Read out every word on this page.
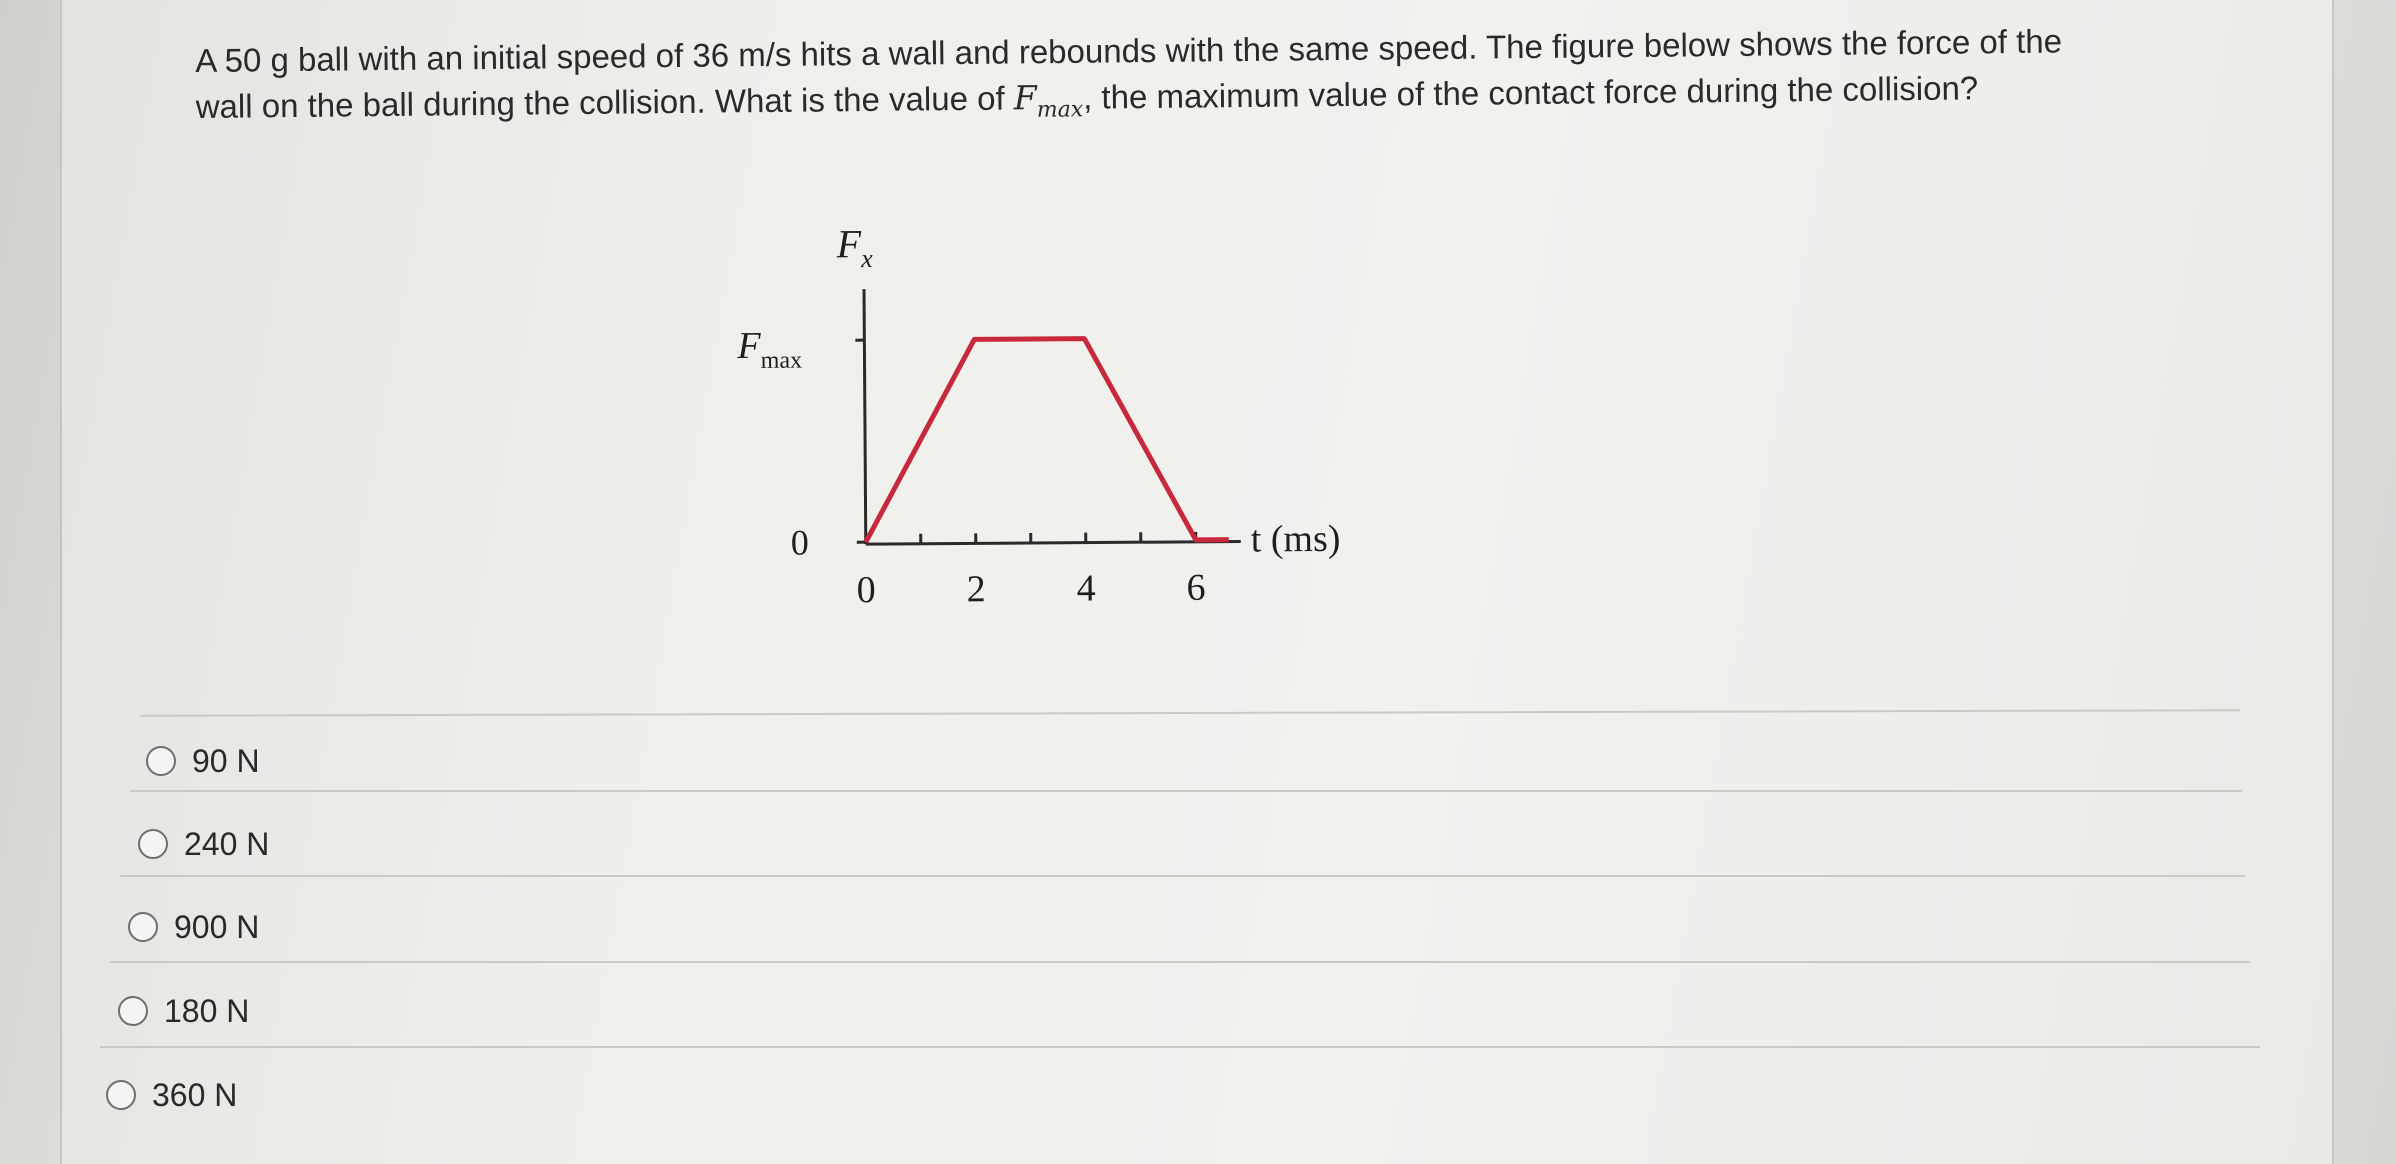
A 50 g ball with an initial speed of 36 m/s hits a wall and rebounds with the same speed. The figure below shows the force of the wall on the ball during the collision. What is the value of $F_{max}$, the maximum value of the contact force during the collision?
$F_x$
$F_{max}$
0	t (ms)
0 2 4 6
90 N
240 N
900 N
180 N
360 N
